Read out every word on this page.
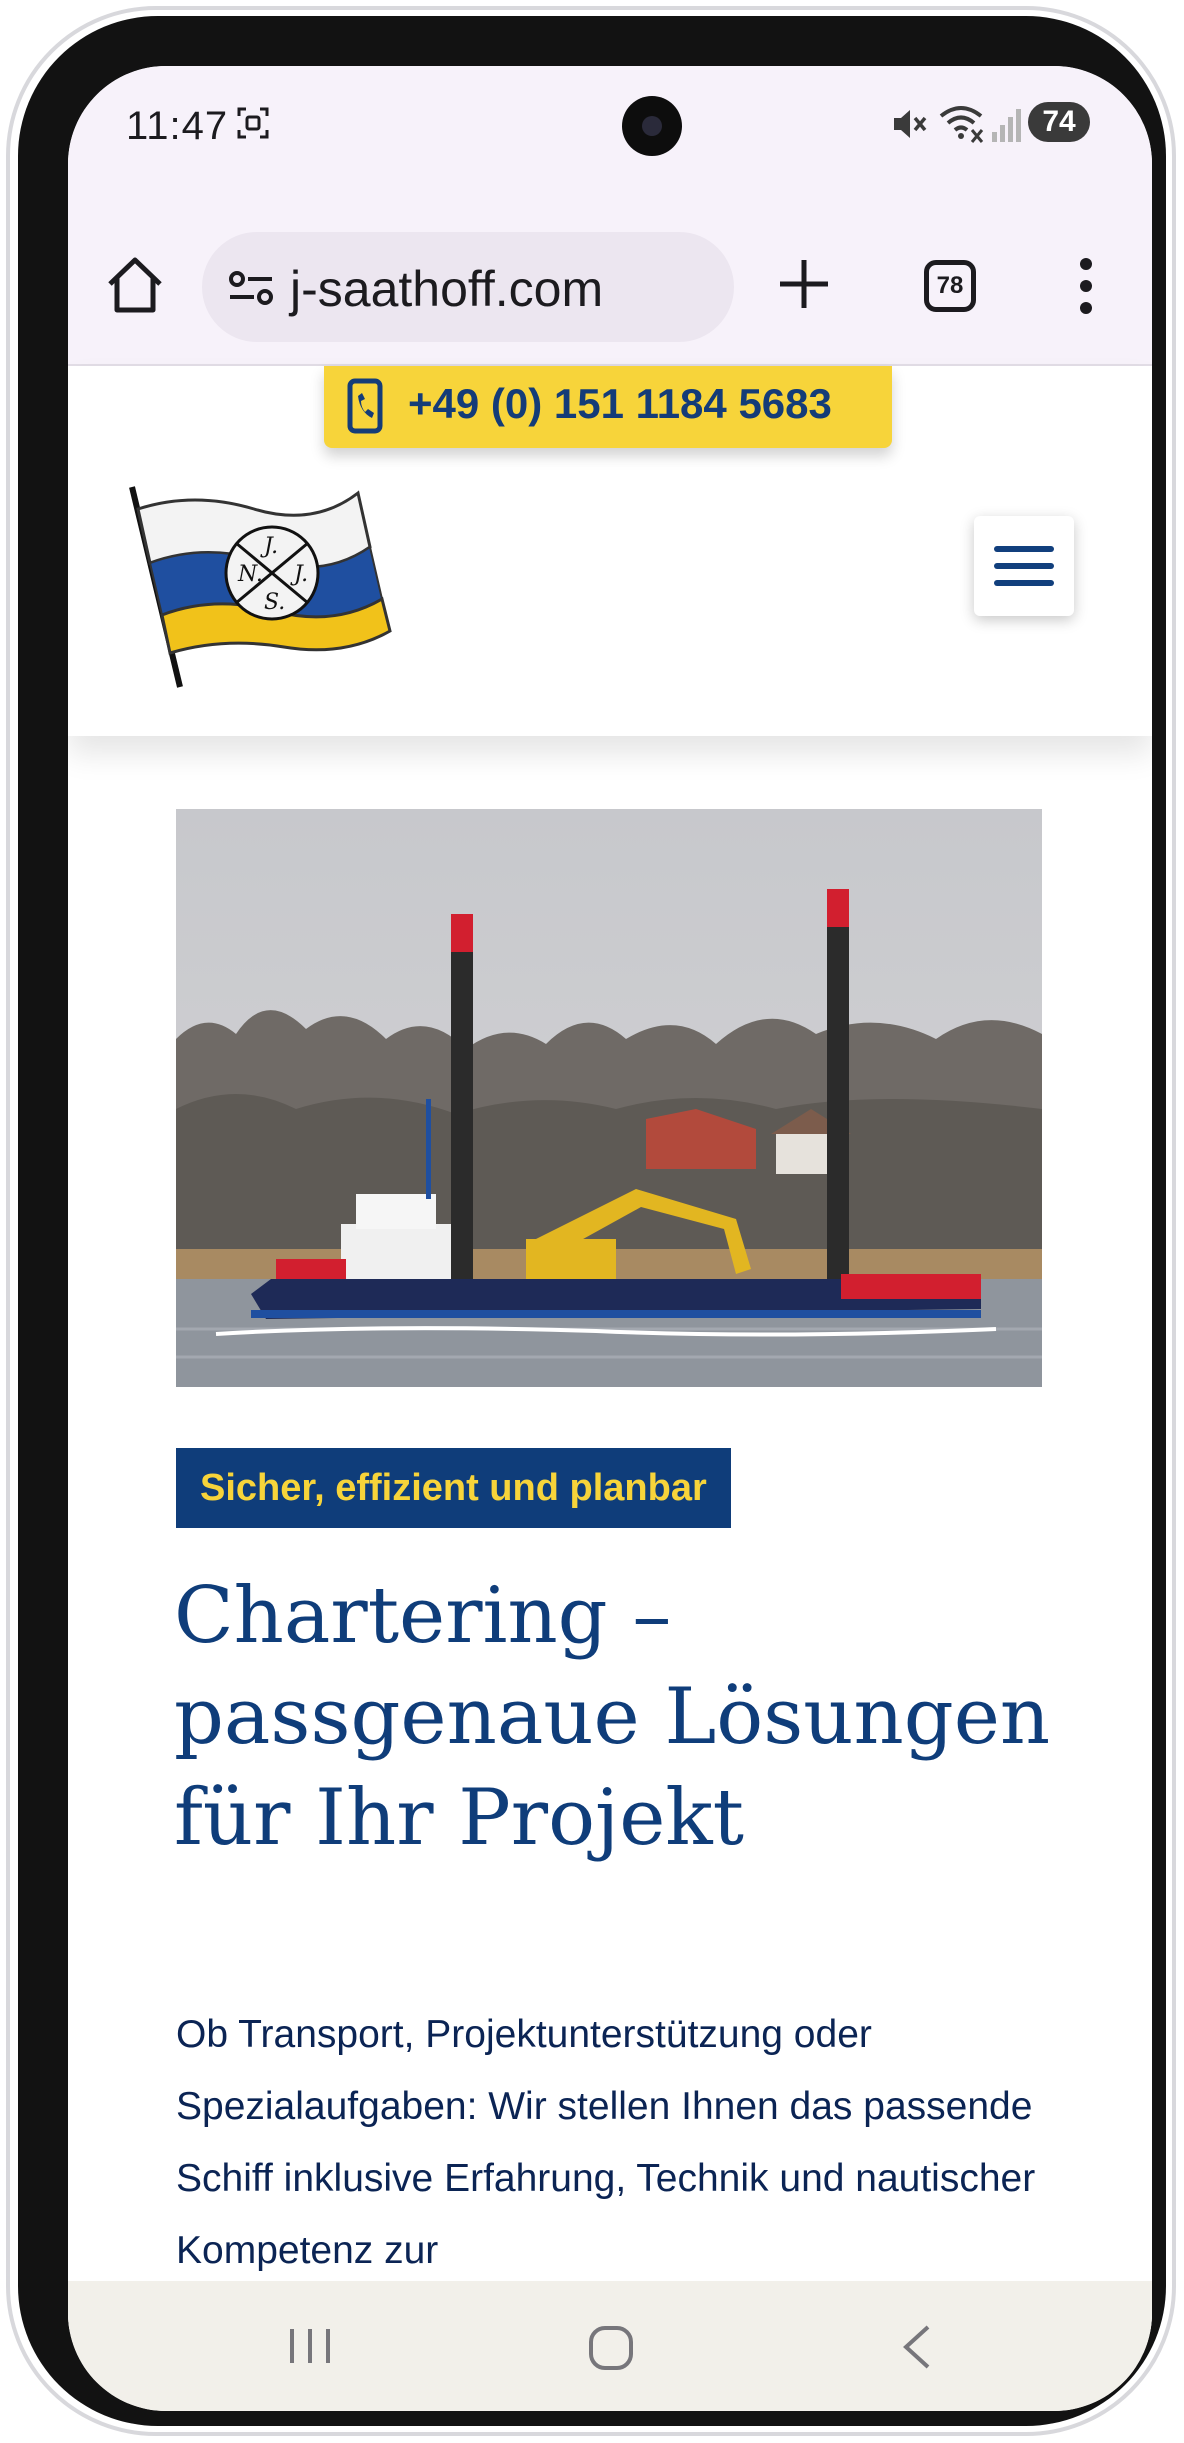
11:47	74
j-saathoff.com	78
J.
J.
N.
S.
+49 (0) 151 1184 5683
Sicher, effizient und planbar
Chartering – passgenaue Lösungen für Ihr Projekt

Ob Transport, Projektunterstützung oder Spezialaufgaben: Wir stellen Ihnen das passende Schiff inklusive Erfahrung, Technik und nautischer Kompetenz zur
